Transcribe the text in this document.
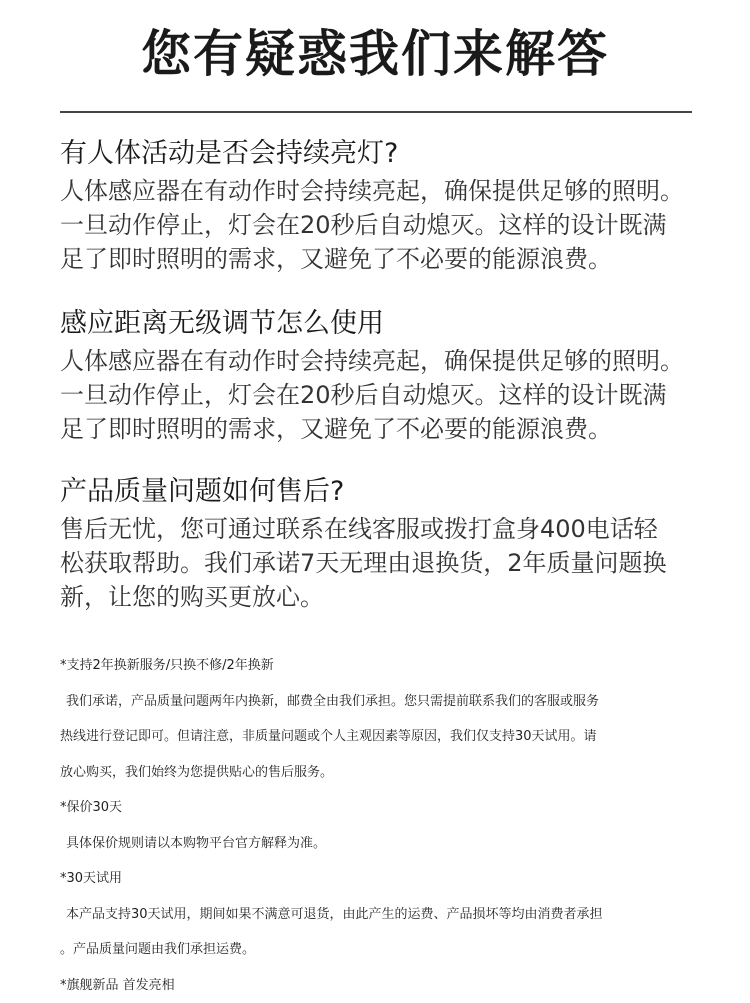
您有疑惑我们来解答
有人体活动是否会持续亮灯?
人体感应器在有动作时会持续亮起，确保提供足够的照明。
一旦动作停止，灯会在20秒后自动熄灭。这样的设计既满
足了即时照明的需求，又避免了不必要的能源浪费。
感应距离无级调节怎么使用
人体感应器在有动作时会持续亮起，确保提供足够的照明。
一旦动作停止，灯会在20秒后自动熄灭。这样的设计既满
足了即时照明的需求，又避免了不必要的能源浪费。
产品质量问题如何售后?
售后无忧，您可通过联系在线客服或拨打盒身400电话轻
松获取帮助。我们承诺7天无理由退换货，2年质量问题换
新，让您的购买更放心。
*支持2年换新服务/只换不修/2年换新
我们承诺，产品质量问题两年内换新，邮费全由我们承担。您只需提前联系我们的客服或服务
热线进行登记即可。但请注意，非质量问题或个人主观因素等原因，我们仅支持30天试用。请
放心购买，我们始终为您提供贴心的售后服务。
*保价30天
具体保价规则请以本购物平台官方解释为准。
*30天试用
本产品支持30天试用，期间如果不满意可退货，由此产生的运费、产品损坏等均由消费者承担
。产品质量问题由我们承担运费。
*旗舰新品 首发亮相
